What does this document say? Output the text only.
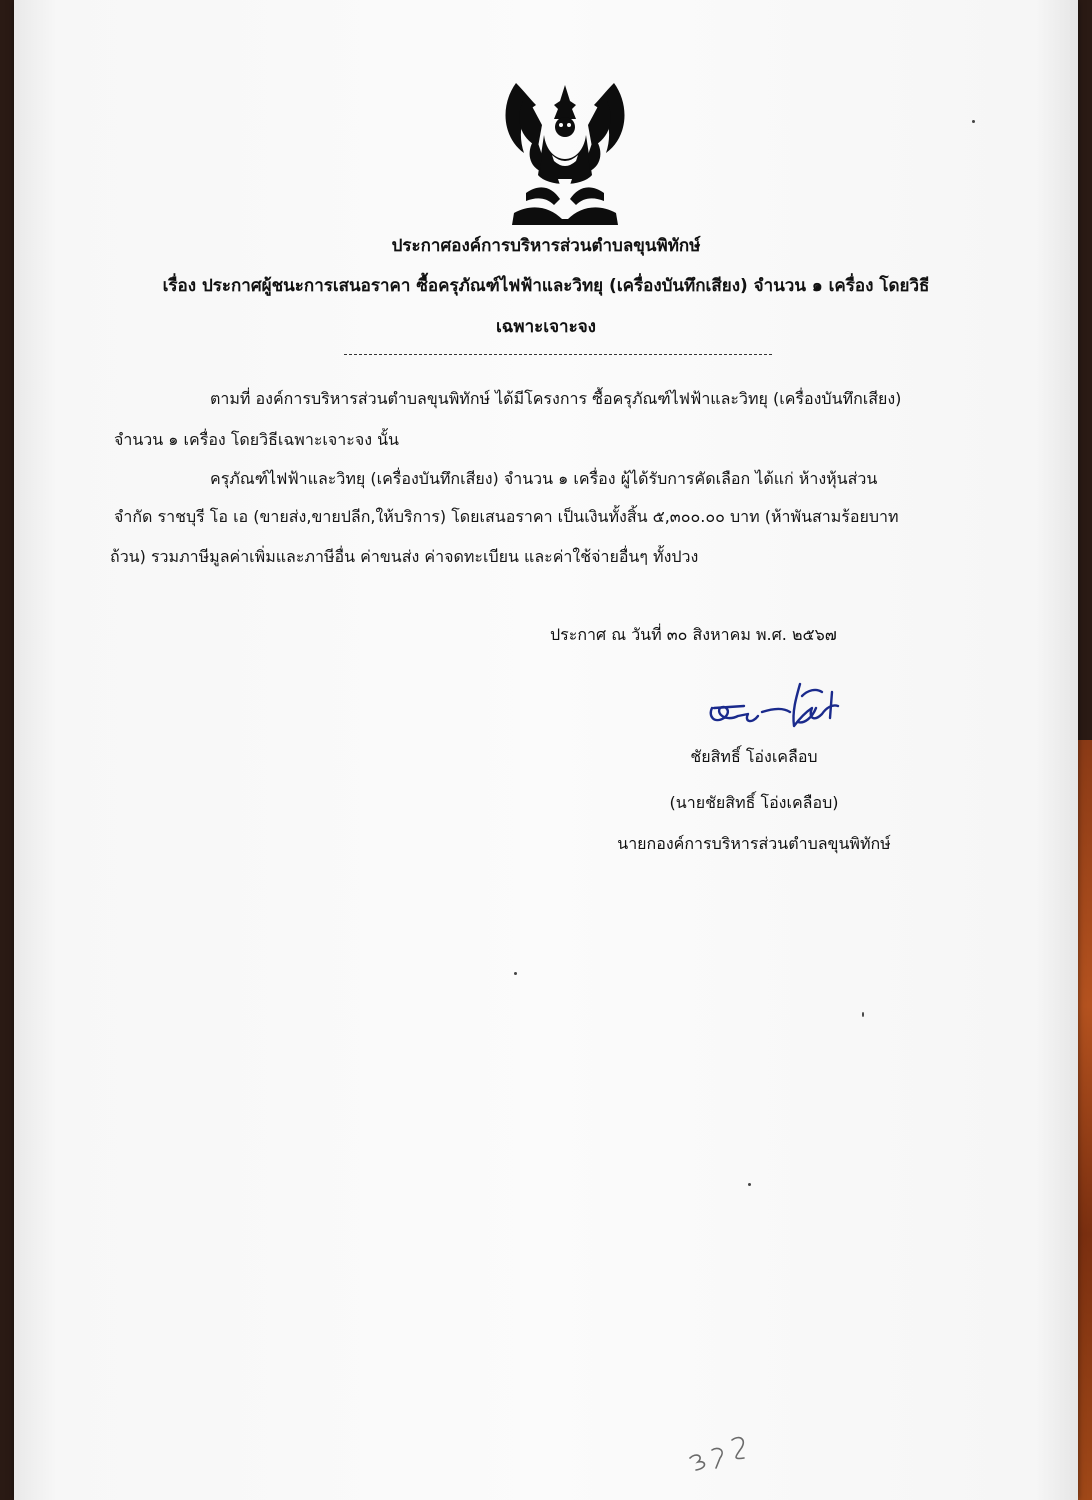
ประกาศองค์การบริหารส่วนตำบลขุนพิทักษ์
เรื่อง ประกาศผู้ชนะการเสนอราคา ซื้อครุภัณฑ์ไฟฟ้าและวิทยุ (เครื่องบันทึกเสียง) จำนวน ๑ เครื่อง โดยวิธี
เฉพาะเจาะจง
ตามที่ องค์การบริหารส่วนตำบลขุนพิทักษ์ ได้มีโครงการ ซื้อครุภัณฑ์ไฟฟ้าและวิทยุ (เครื่องบันทึกเสียง)
จำนวน ๑ เครื่อง โดยวิธีเฉพาะเจาะจง นั้น
ครุภัณฑ์ไฟฟ้าและวิทยุ (เครื่องบันทึกเสียง) จำนวน ๑ เครื่อง ผู้ได้รับการคัดเลือก ได้แก่ ห้างหุ้นส่วน
จำกัด ราชบุรี โอ เอ (ขายส่ง,ขายปลีก,ให้บริการ) โดยเสนอราคา เป็นเงินทั้งสิ้น ๕,๓๐๐.๐๐ บาท (ห้าพันสามร้อยบาท
ถ้วน) รวมภาษีมูลค่าเพิ่มและภาษีอื่น ค่าขนส่ง ค่าจดทะเบียน และค่าใช้จ่ายอื่นๆ ทั้งปวง
ประกาศ ณ วันที่ ๓๐ สิงหาคม พ.ศ. ๒๕๖๗
ชัยสิทธิ์ โอ่งเคลือบ
(นายชัยสิทธิ์ โอ่งเคลือบ)
นายกองค์การบริหารส่วนตำบลขุนพิทักษ์
